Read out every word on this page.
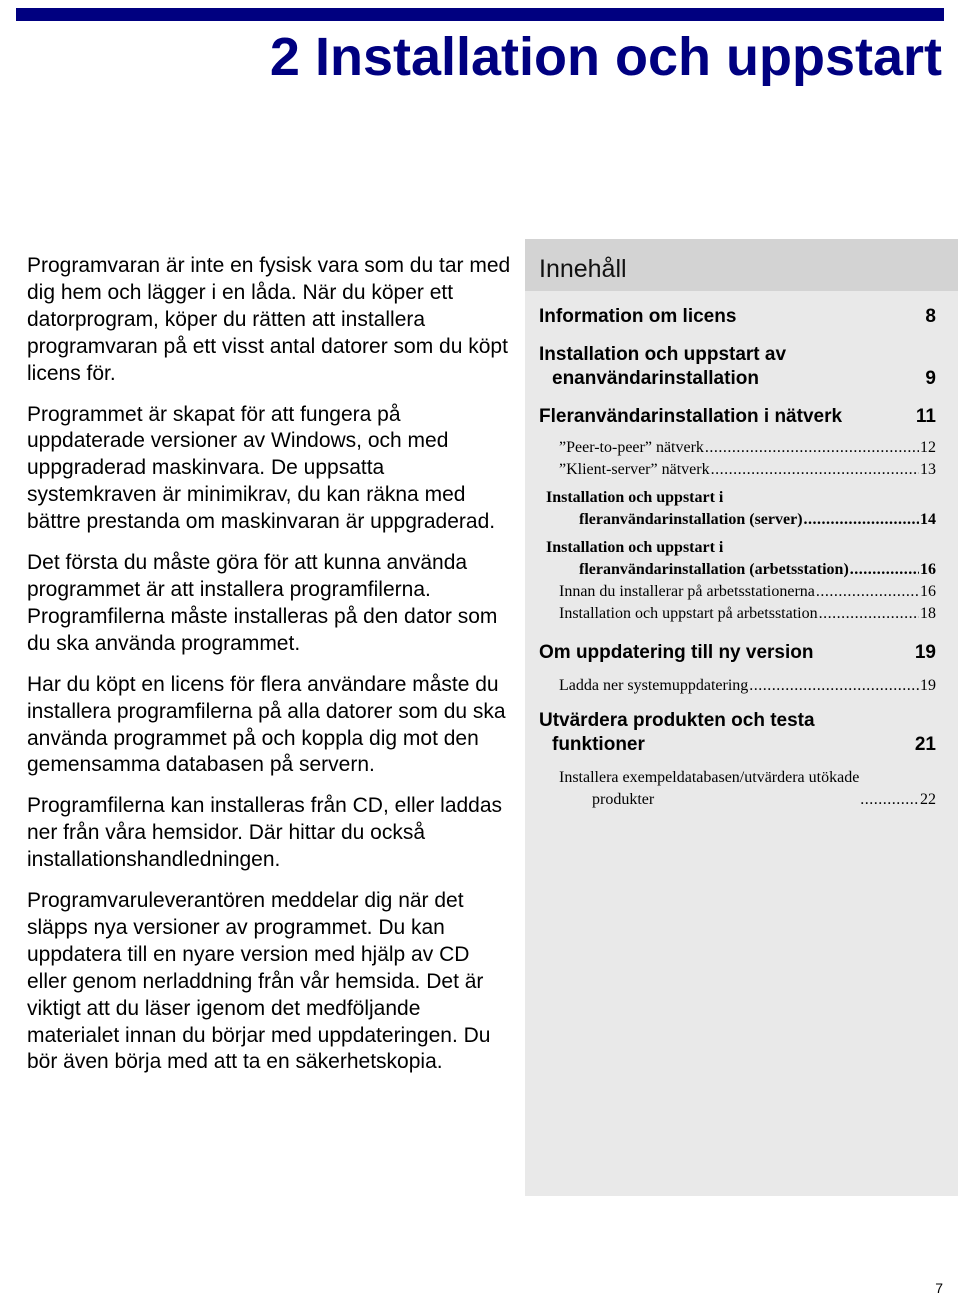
2 Installation och uppstart

Programvaran är inte en fysisk vara som du tar med dig hem och lägger i en låda. När du köper ett datorprogram, köper du rätten att installera programvaran på ett visst antal datorer som du köpt licens för.

Programmet är skapat för att fungera på uppdaterade versioner av Windows, och med uppgraderad maskinvara. De uppsatta systemkraven är minimikrav, du kan räkna med bättre prestanda om maskinvaran är uppgraderad.

Det första du måste göra för att kunna använda programmet är att installera programfilerna. Programfilerna måste installeras på den dator som du ska använda programmet.

Har du köpt en licens för flera användare måste du installera programfilerna på alla datorer som du ska använda programmet på och koppla dig mot den gemensamma databasen på servern.

Programfilerna kan installeras från CD, eller laddas ner från våra hemsidor. Där hittar du också installationshandledningen.

Programvaruleverantören meddelar dig när det släpps nya versioner av programmet. Du kan uppdatera till en nyare version med hjälp av CD eller genom nerladdning från vår hemsida. Det är viktigt att du läser igenom det medföljande materialet innan du börjar med uppdateringen. Du bör även börja med att ta en säkerhetskopia.

Innehåll
Information om licens	8
Installation och uppstart av
enanvändarinstallation	9
Fleranvändarinstallation i nätverk	11
”Peer-to-peer” nätverk .....	12
”Klient-server” nätverk .....	13
Installation och uppstart i
fleranvändarinstallation (server) .....	14
Installation och uppstart i
fleranvändarinstallation (arbetsstation) .....	16
Innan du installerar på arbetsstationerna .....	16
Installation och uppstart på arbetsstation .....	18
Om uppdatering till ny version	19
Ladda ner systemuppdatering .....	19
Utvärdera produkten och testa
funktioner	21
Installera exempeldatabasen/utvärdera utökade
produkter .....	22
7
